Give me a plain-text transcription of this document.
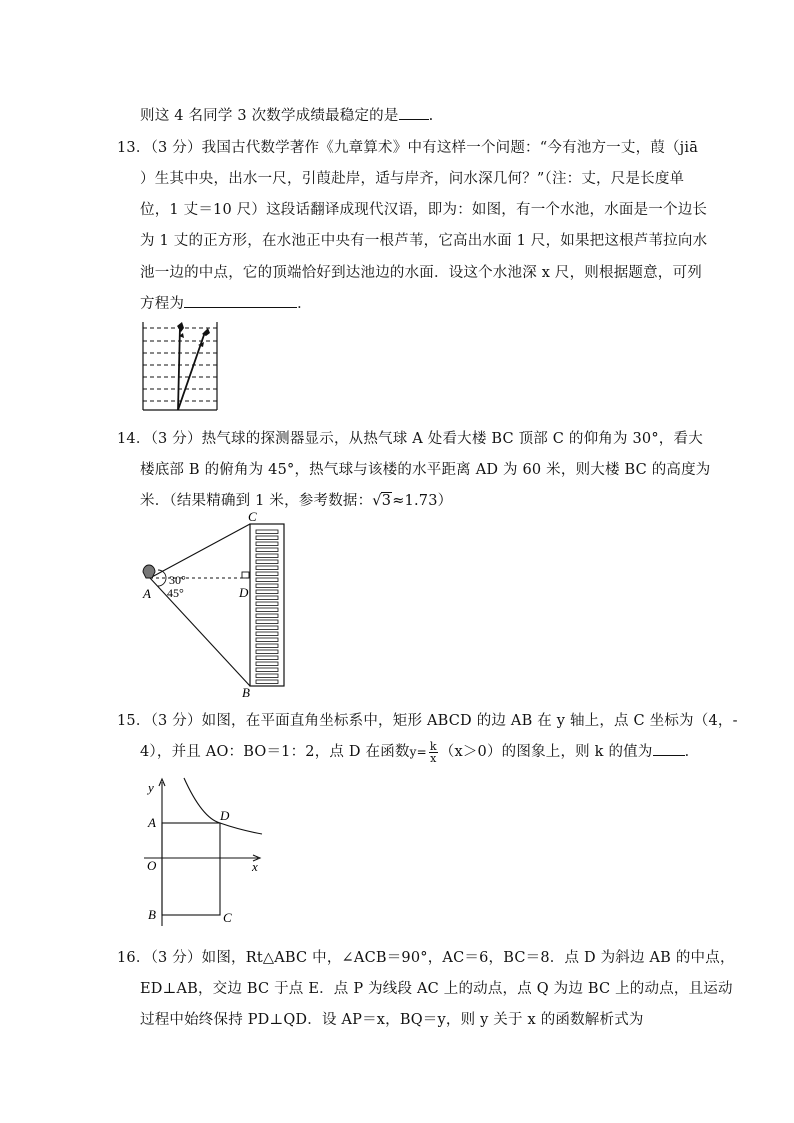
则这 4 名同学 3 次数学成绩最稳定的是 .
13．（3 分）我国古代数学著作《九章算术》中有这样一个问题：“今有池方一丈，葭（jiā
）生其中央，出水一尺，引葭赴岸，适与岸齐，问水深几何？”（注：丈，尺是长度单
位，1 丈＝10 尺）这段话翻译成现代汉语，即为：如图，有一个水池，水面是一个边长
为 1 丈的正方形，在水池正中央有一根芦苇，它高出水面 1 尺，如果把这根芦苇拉向水
池一边的中点，它的顶端恰好到达池边的水面．设这个水池深 x 尺，则根据题意，可列
方程为	．
14．（3 分）热气球的探测器显示，从热气球 A 处看大楼 BC 顶部 C 的仰角为 30°，看大
楼底部 B 的俯角为 45°，热气球与该楼的水平距离 AD 为 60 米，则大楼 BC 的高度为
米．（结果精确到 1 米，参考数据：√3≈1.73）
C
A	D
B
30°
45°
15．（3 分）如图，在平面直角坐标系中，矩形 ABCD 的边 AB 在 y 轴上，点 C 坐标为（4，-
4），并且 AO：BO＝1：2，点 D 在函数$y= \frac{k}{x} (x>0)$的图象上，则 k 的值为 ．
y
x
O
A
B	C
D
16．（3 分）如图，Rt△ABC 中，∠ACB＝90°，AC＝6，BC＝8．点 D 为斜边 AB 的中点，
ED⊥AB，交边 BC 于点 E．点 P 为线段 AC 上的动点，点 Q 为边 BC 上的动点，且运动
过程中始终保持 PD⊥QD．设 AP＝x，BQ＝y，则 y 关于 x 的函数解析式为
